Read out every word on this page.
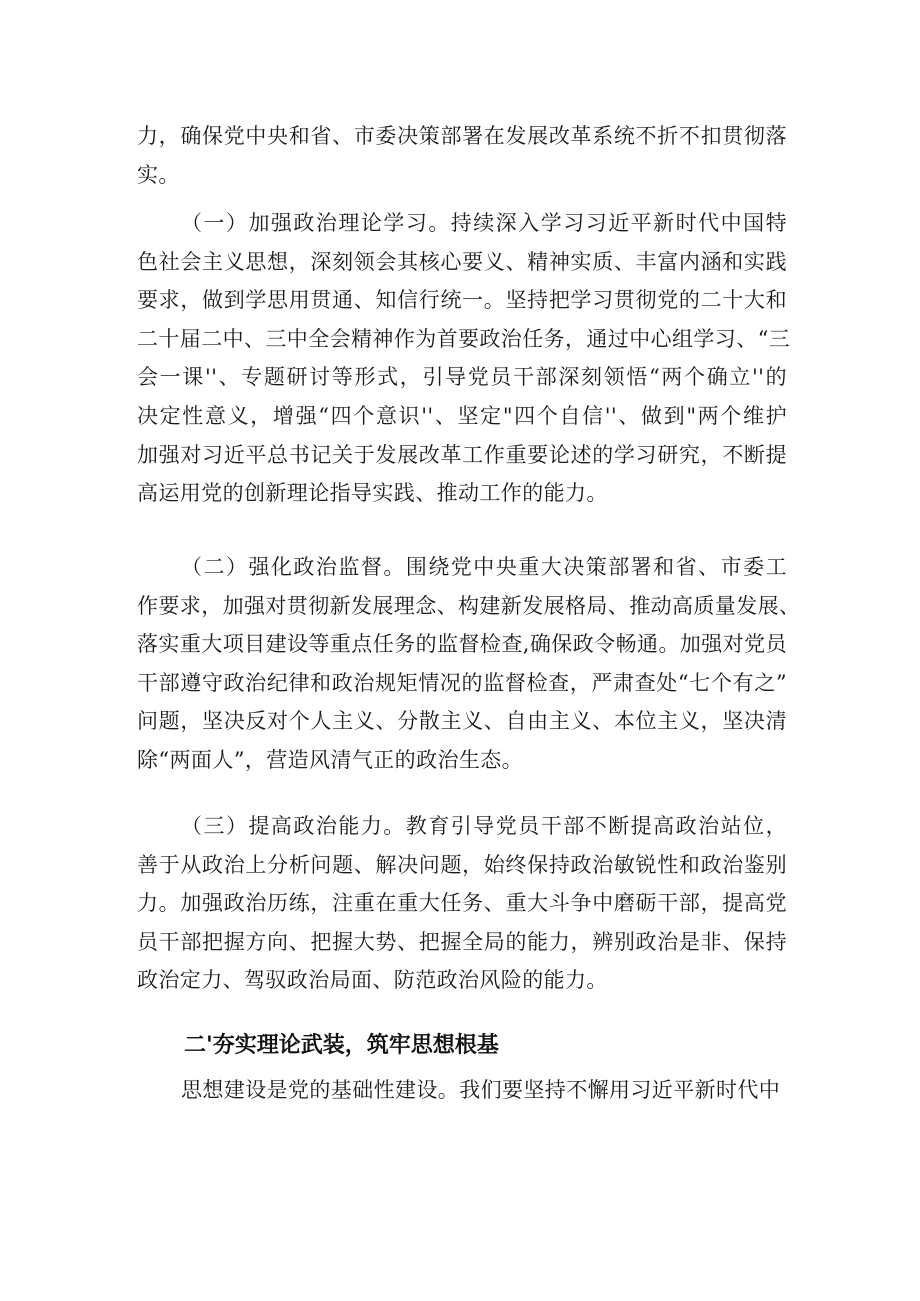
力，确保党中央和省、市委决策部署在发展改革系统不折不扣贯彻落
实。
（一）加强政治理论学习。持续深入学习习近平新时代中国特
色社会主义思想，深刻领会其核心要义、精神实质、丰富内涵和实践
要求，做到学思用贯通、知信行统一。坚持把学习贯彻党的二十大和
二十届二中、三中全会精神作为首要政治任务，通过中心组学习、“三
会一课''、专题研讨等形式，引导党员干部深刻领悟“两个确立''的
决定性意义，增强“四个意识''、坚定"四个自信''、做到"两个维护
加强对习近平总书记关于发展改革工作重要论述的学习研究，不断提
高运用党的创新理论指导实践、推动工作的能力。
（二）强化政治监督。围绕党中央重大决策部署和省、市委工
作要求，加强对贯彻新发展理念、构建新发展格局、推动高质量发展、
落实重大项目建设等重点任务的监督检查,确保政令畅通。加强对党员
干部遵守政治纪律和政治规矩情况的监督检查，严肃查处“七个有之”
问题，坚决反对个人主义、分散主义、自由主义、本位主义，坚决清
除“两面人”，营造风清气正的政治生态。
（三）提高政治能力。教育引导党员干部不断提高政治站位，
善于从政治上分析问题、解决问题，始终保持政治敏锐性和政治鉴别
力。加强政治历练，注重在重大任务、重大斗争中磨砺干部，提高党
员干部把握方向、把握大势、把握全局的能力，辨别政治是非、保持
政治定力、驾驭政治局面、防范政治风险的能力。
二'夯实理论武装，筑牢思想根基
思想建设是党的基础性建设。我们要坚持不懈用习近平新时代中
